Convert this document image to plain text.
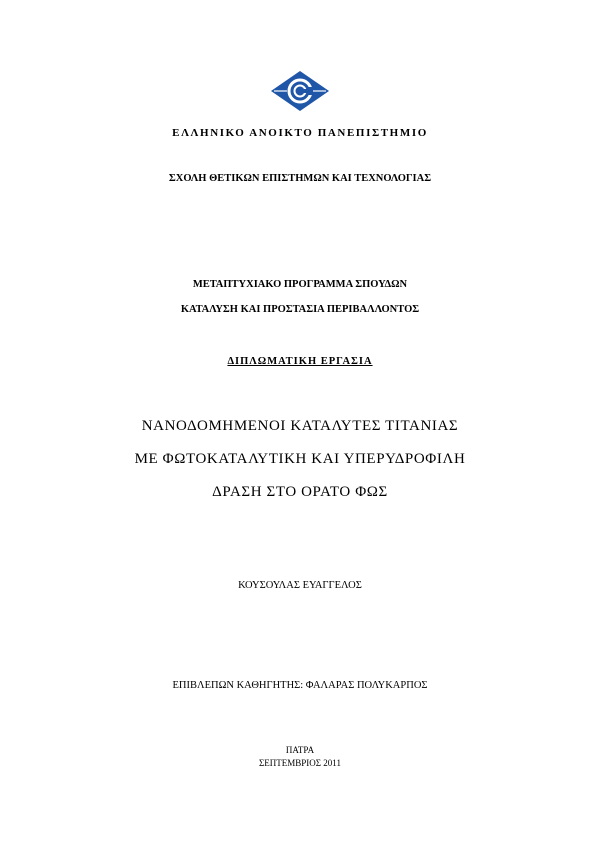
ΕΛΛΗΝΙΚΟ ΑΝΟΙΚΤΟ ΠΑΝΕΠΙΣΤΗΜΙΟ
ΣΧΟΛΗ ΘΕΤΙΚΩΝ ΕΠΙΣΤΗΜΩΝ ΚΑΙ ΤΕΧΝΟΛΟΓΙΑΣ
ΜΕΤΑΠΤΥΧΙΑΚΟ ΠΡΟΓΡΑΜΜΑ ΣΠΟΥΔΩΝ
ΚΑΤΑΛΥΣΗ ΚΑΙ ΠΡΟΣΤΑΣΙΑ ΠΕΡΙΒΑΛΛΟΝΤΟΣ
ΔΙΠΛΩΜΑΤΙΚΗ ΕΡΓΑΣΙΑ
ΝΑΝΟΔΟΜΗΜΕΝΟΙ ΚΑΤΑΛΥΤΕΣ ΤΙΤΑΝΙΑΣ
ΜΕ ΦΩΤΟΚΑΤΑΛΥΤΙΚΗ ΚΑΙ ΥΠΕΡΥΔΡΟΦΙΛΗ
ΔΡΑΣΗ ΣΤΟ ΟΡΑΤΟ ΦΩΣ
ΚΟΥΣΟΥΛΑΣ ΕΥΑΓΓΕΛΟΣ
ΕΠΙΒΛΕΠΩΝ ΚΑΘΗΓΗΤΗΣ: ΦΑΛΑΡΑΣ ΠΟΛΥΚΑΡΠΟΣ
ΠΑΤΡΑ
ΣΕΠΤΕΜΒΡΙΟΣ 2011
